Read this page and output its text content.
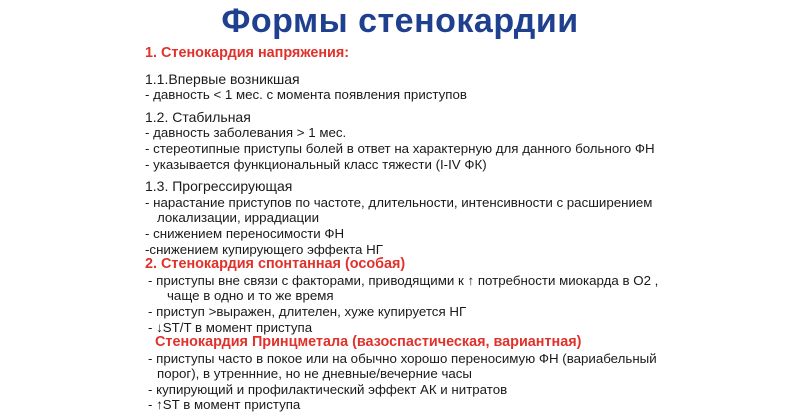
Формы стенокардии

1. Стенокардия напряжения:

1.1.Впервые возникшая

- давность < 1 мес. с момента появления приступов

1.2. Стабильная

- давность заболевания > 1 мес.

- стереотипные приступы болей в ответ на характерную для данного больного ФН

- указывается функциональный класс тяжести (I-IV ФК)

1.3. Прогрессирующая

- нарастание приступов по частоте, длительности, интенсивности с расширением

локализации, иррадиации

- снижением переносимости ФН

-снижением купирующего эффекта НГ

2. Стенокардия спонтанная (особая)

- приступы вне связи с факторами, приводящими к ↑ потребности миокарда в О2 ,

чаще в одно и то же время

- приступ >выражен, длителен, хуже купируется НГ

- ↓ST/T в момент приступа

Стенокардия Принцметала (вазоспастическая, вариантная)

- приступы часто в покое или на обычно хорошо переносимую ФН (вариабельный

порог), в утреннние, но не дневные/вечерние часы

- купирующий и профилактический эффект АК и нитратов

- ↑ST в момент приступа
